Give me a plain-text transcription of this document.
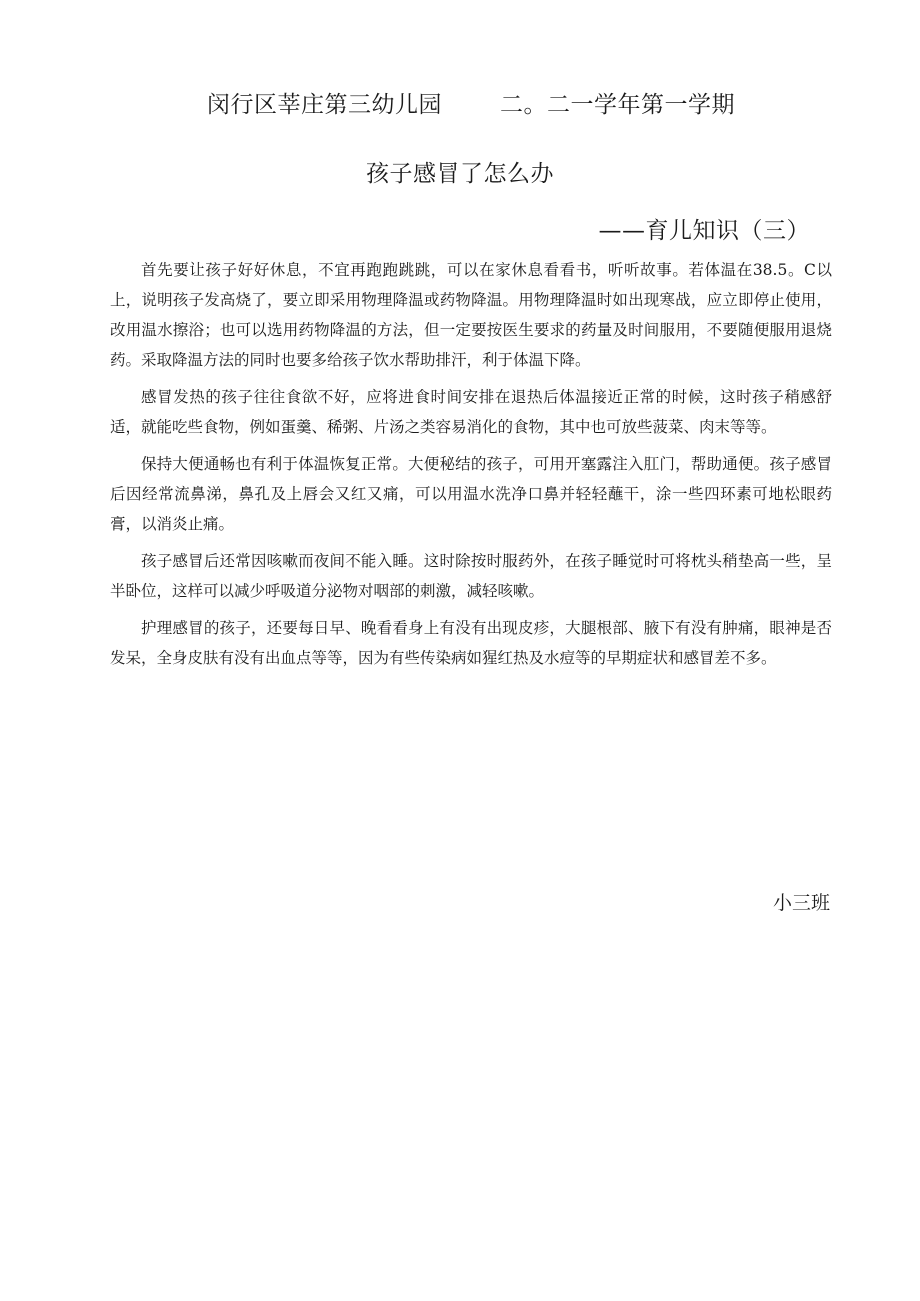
闵行区莘庄第三幼儿园	二。二一学年第一学期
孩子感冒了怎么办
——育儿知识（三）

首先要让孩子好好休息，不宜再跑跑跳跳，可以在家休息看看书，听听故事。若体温在38.5。C以上，说明孩子发高烧了，要立即采用物理降温或药物降温。用物理降温时如出现寒战，应立即停止使用，改用温水擦浴；也可以选用药物降温的方法，但一定要按医生要求的药量及时间服用，不要随便服用退烧药。采取降温方法的同时也要多给孩子饮水帮助排汗，利于体温下降。

感冒发热的孩子往往食欲不好，应将进食时间安排在退热后体温接近正常的时候，这时孩子稍感舒适，就能吃些食物，例如蛋羹、稀粥、片汤之类容易消化的食物，其中也可放些菠菜、肉末等等。

保持大便通畅也有利于体温恢复正常。大便秘结的孩子，可用开塞露注入肛门，帮助通便。孩子感冒后因经常流鼻涕，鼻孔及上唇会又红又痛，可以用温水洗净口鼻并轻轻蘸干，涂一些四环素可地松眼药膏，以消炎止痛。

孩子感冒后还常因咳嗽而夜间不能入睡。这时除按时服药外，在孩子睡觉时可将枕头稍垫高一些，呈半卧位，这样可以减少呼吸道分泌物对咽部的刺激，减轻咳嗽。

护理感冒的孩子，还要每日早、晚看看身上有没有出现皮疹，大腿根部、腋下有没有肿痛，眼神是否发呆，全身皮肤有没有出血点等等，因为有些传染病如猩红热及水痘等的早期症状和感冒差不多。

小三班
